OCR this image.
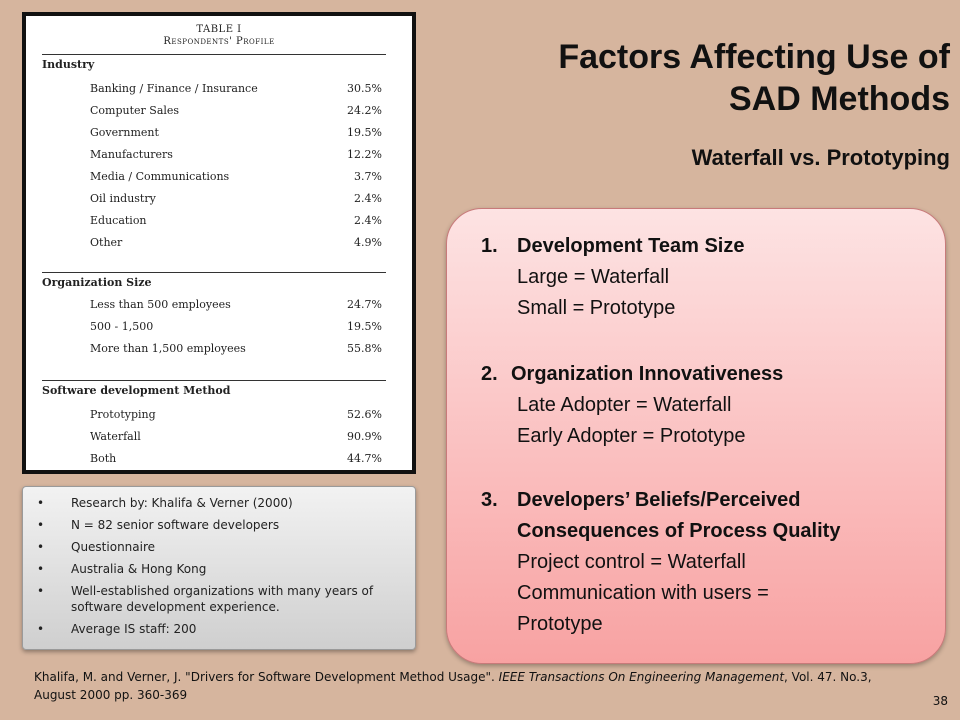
TABLE I
Respondents' Profile
Industry
Banking / Finance / Insurance	30.5%
Computer Sales	24.2%
Government	19.5%
Manufacturers	12.2%
Media / Communications	3.7%
Oil industry	2.4%
Education	2.4%
Other	4.9%
Organization Size
Less than 500 employees	24.7%
500 - 1,500	19.5%
More than 1,500 employees	55.8%
Software development Method
Prototyping	52.6%
Waterfall	90.9%
Both	44.7%
• Research by: Khalifa & Verner (2000)
• N = 82 senior software developers
• Questionnaire
• Australia & Hong Kong
• Well-established organizations with many years of software development experience.
• Average IS staff: 200
Factors Affecting Use of
SAD Methods
Waterfall vs. Prototyping
1. Development Team Size
Large = Waterfall
Small = Prototype
2. Organization Innovativeness
Late Adopter = Waterfall
Early Adopter = Prototype
3. Developers’ Beliefs/Perceived
Consequences of Process Quality
Project control = Waterfall
Communication with users =
Prototype
Khalifa, M. and Verner, J. "Drivers for Software Development Method Usage". IEEE Transactions On Engineering Management, Vol. 47. No.3, August 2000 pp. 360-369	38
